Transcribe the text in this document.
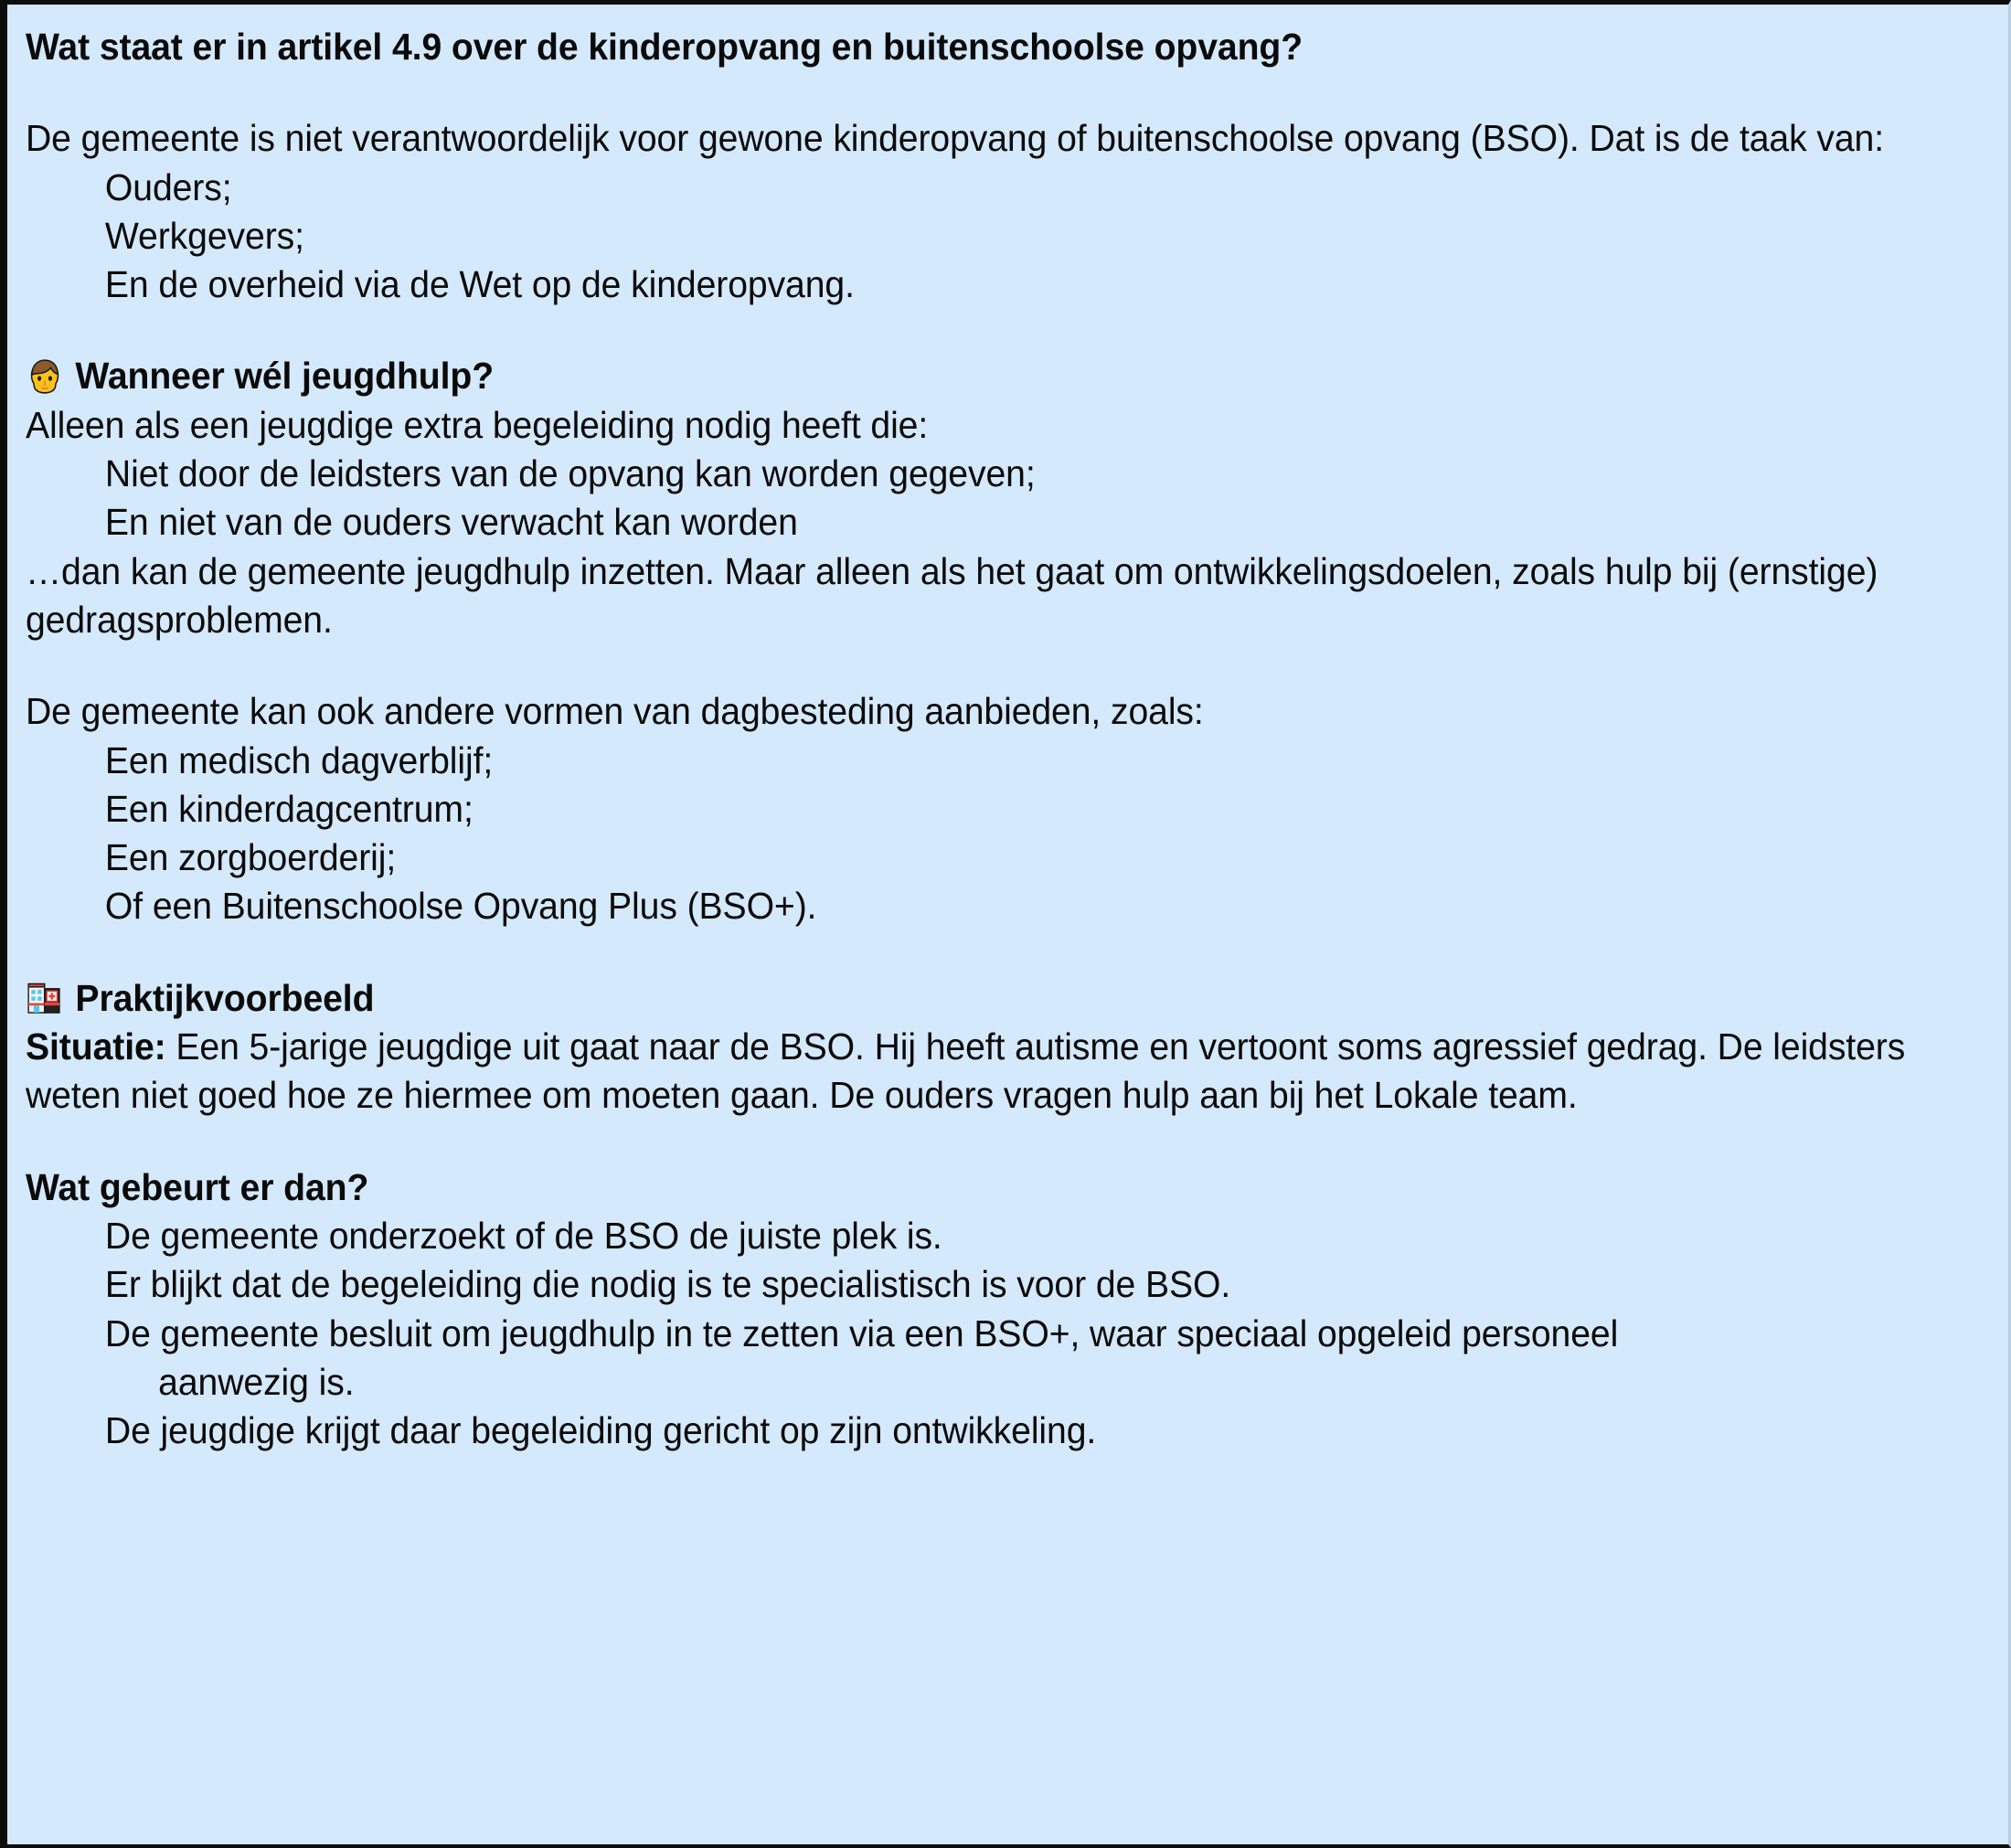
Wat staat er in artikel 4.9 over de kinderopvang en buitenschoolse opvang?

De gemeente is niet verantwoordelijk voor gewone kinderopvang of buitenschoolse opvang (BSO). Dat is de taak van:

Ouders;

Werkgevers;

En de overheid via de Wet op de kinderopvang.

Wanneer wél jeugdhulp?

Alleen als een jeugdige extra begeleiding nodig heeft die:

Niet door de leidsters van de opvang kan worden gegeven;

En niet van de ouders verwacht kan worden

…dan kan de gemeente jeugdhulp inzetten. Maar alleen als het gaat om ontwikkelingsdoelen, zoals hulp bij (ernstige) gedragsproblemen.

De gemeente kan ook andere vormen van dagbesteding aanbieden, zoals:

Een medisch dagverblijf;

Een kinderdagcentrum;

Een zorgboerderij;

Of een Buitenschoolse Opvang Plus (BSO+).

Praktijkvoorbeeld

Situatie: Een 5-jarige jeugdige uit gaat naar de BSO. Hij heeft autisme en vertoont soms agressief gedrag. De leidsters weten niet goed hoe ze hiermee om moeten gaan. De ouders vragen hulp aan bij het Lokale team.

Wat gebeurt er dan?

De gemeente onderzoekt of de BSO de juiste plek is.

Er blijkt dat de begeleiding die nodig is te specialistisch is voor de BSO.

De gemeente besluit om jeugdhulp in te zetten via een BSO+, waar speciaal opgeleid personeel

aanwezig is.

De jeugdige krijgt daar begeleiding gericht op zijn ontwikkeling.
